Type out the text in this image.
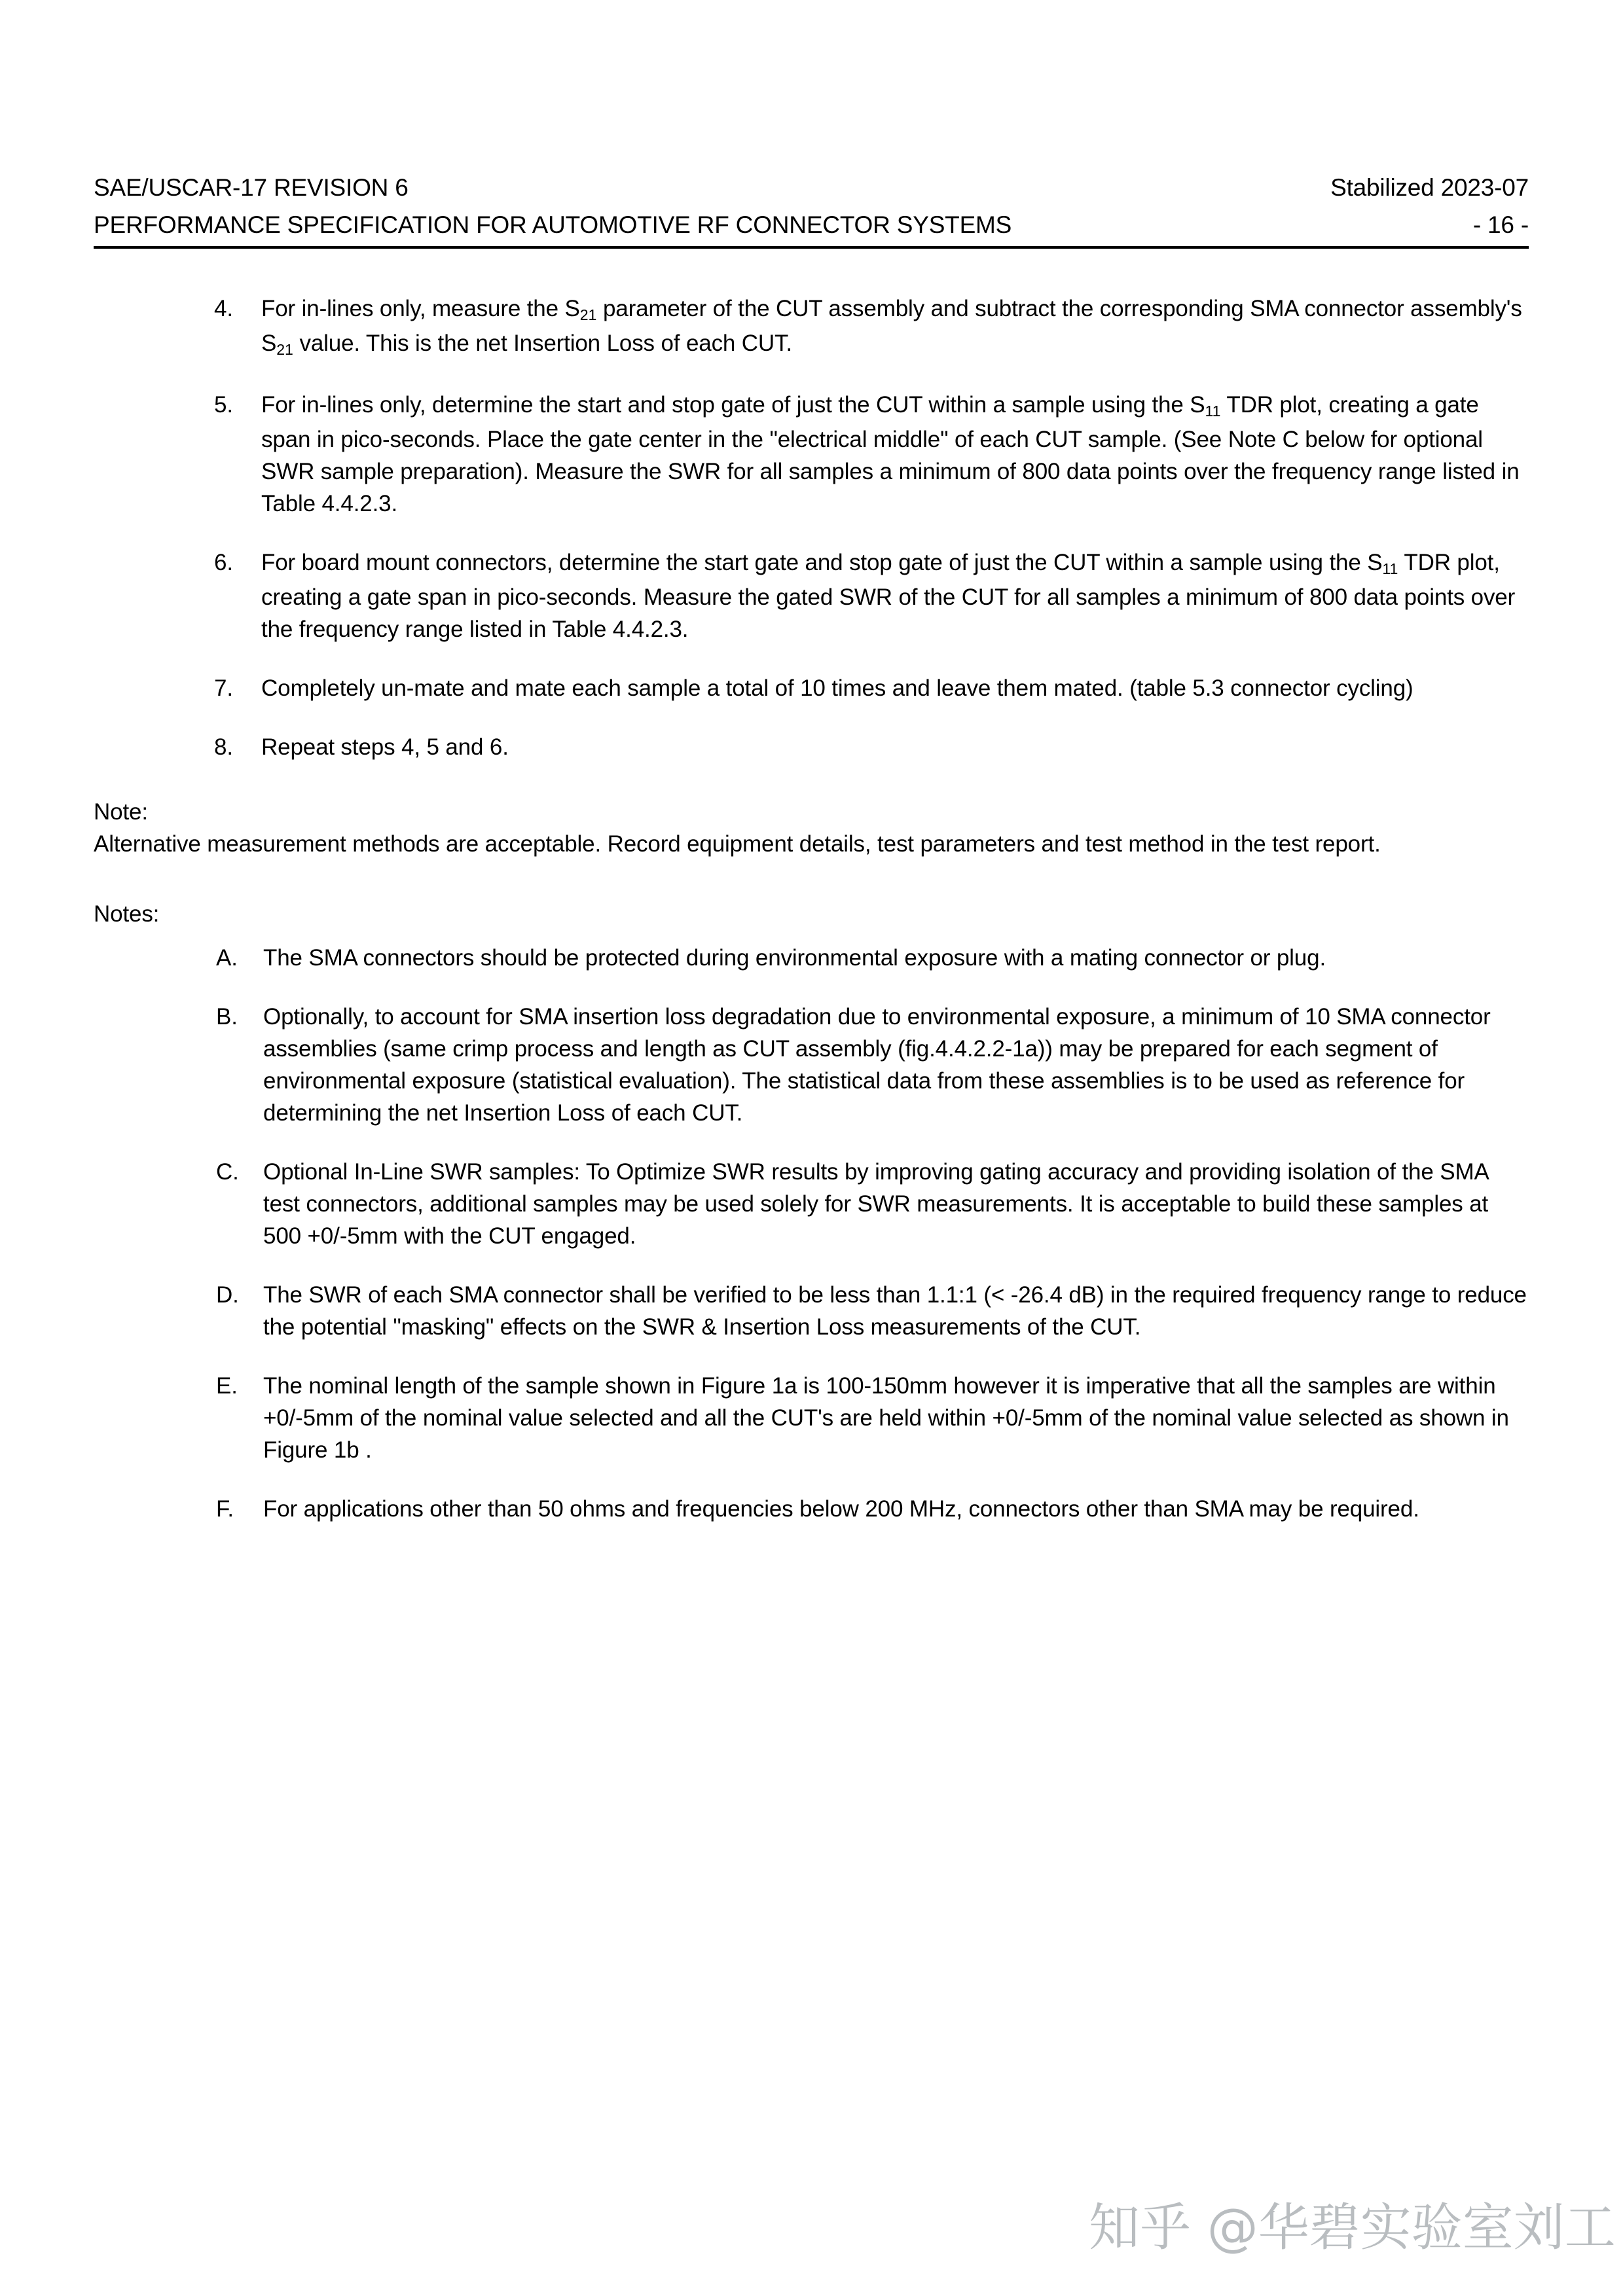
SAE/USCAR-17 REVISION 6	Stabilized 2023-07
PERFORMANCE SPECIFICATION FOR AUTOMOTIVE RF CONNECTOR SYSTEMS	- 16 -
4.	For in-lines only, measure the $S_{21}$ parameter of the CUT assembly and subtract the corresponding SMA connector assembly's $S_{21}$ value. This is the net Insertion Loss of each CUT.
5.	For in-lines only, determine the start and stop gate of just the CUT within a sample using the $S_{11}$ TDR plot, creating a gate span in pico-seconds. Place the gate center in the "electrical middle" of each CUT sample. (See Note C below for optional SWR sample preparation). Measure the SWR for all samples a minimum of 800 data points over the frequency range listed in Table 4.4.2.3.
6.	For board mount connectors, determine the start gate and stop gate of just the CUT within a sample using the $S_{11}$ TDR plot, creating a gate span in pico-seconds. Measure the gated SWR of the CUT for all samples a minimum of 800 data points over the frequency range listed in Table 4.4.2.3.
7.	Completely un-mate and mate each sample a total of 10 times and leave them mated. (table 5.3 connector cycling)
8.	Repeat steps 4, 5 and 6.
Note:
Alternative measurement methods are acceptable. Record equipment details, test parameters and test method in the test report.
Notes:
A.	The SMA connectors should be protected during environmental exposure with a mating connector or plug.
B.	Optionally, to account for SMA insertion loss degradation due to environmental exposure, a minimum of 10 SMA connector assemblies (same crimp process and length as CUT assembly (fig.4.4.2.2-1a)) may be prepared for each segment of environmental exposure (statistical evaluation). The statistical data from these assemblies is to be used as reference for determining the net Insertion Loss of each CUT.
C.	Optional In-Line SWR samples: To Optimize SWR results by improving gating accuracy and providing isolation of the SMA test connectors, additional samples may be used solely for SWR measurements. It is acceptable to build these samples at 500 +0/-5mm with the CUT engaged.
D.	The SWR of each SMA connector shall be verified to be less than 1.1:1 (< -26.4 dB) in the required frequency range to reduce the potential "masking" effects on the SWR & Insertion Loss measurements of the CUT.
E.	The nominal length of the sample shown in Figure 1a is 100-150mm however it is imperative that all the samples are within +0/-5mm of the nominal value selected and all the CUT's are held within +0/-5mm of the nominal value selected as shown in Figure 1b .
F.	For applications other than 50 ohms and frequencies below 200 MHz, connectors other than SMA may be required.
知乎 @华碧实验室刘工
